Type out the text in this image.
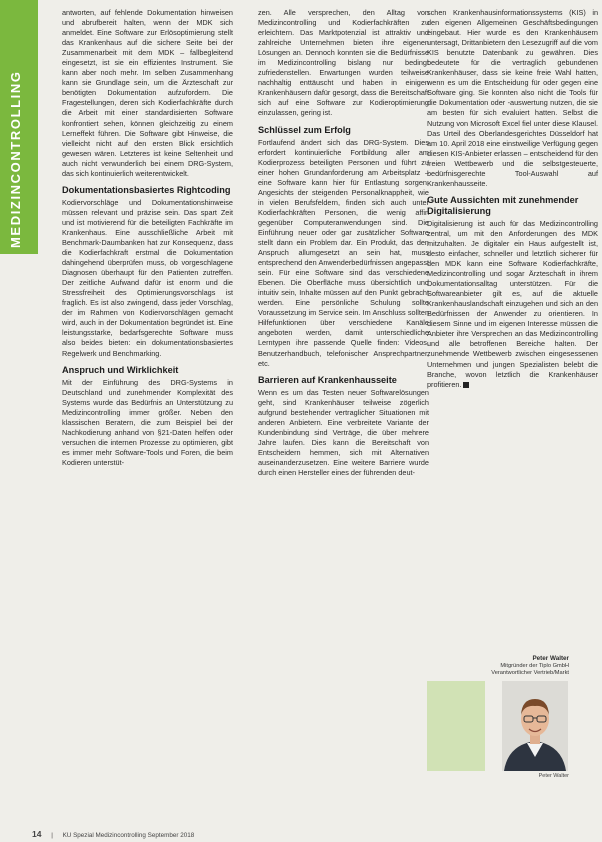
MEDIZINCONTROLLING

antworten, auf fehlende Dokumentation hinweisen und abrufbereit halten, wenn der MDK sich anmeldet. Eine Software zur Erlösoptimierung stellt das Krankenhaus auf die sichere Seite bei der Zusammenarbeit mit dem MDK – fallbegleitend eingesetzt, ist sie ein effizientes Instrument. Sie kann aber noch mehr. Im selben Zusammenhang kann sie Grundlage sein, um die Ärzteschaft zur benötigten Dokumentation aufzufordern. Die Fragestellungen, deren sich Kodierfachkräfte durch die Arbeit mit einer standardisierten Software konfrontiert sehen, können gleichzeitig zu einem Lerneffekt führen. Die Software gibt Hinweise, die vielleicht nicht auf den ersten Blick ersichtlich gewesen wären. Letzteres ist keine Seltenheit und auch nicht verwunderlich bei einem DRG-System, das sich kontinuierlich weiterentwickelt.

Dokumentationsbasiertes Rightcoding

Kodiervorschläge und Dokumentationshinweise müssen relevant und präzise sein. Das spart Zeit und ist motivierend für die beteiligten Fachkräfte im Krankenhaus. Eine ausschließliche Arbeit mit Benchmark-Daumbanken hat zur Konsequenz, dass die Kodierfachkraft erstmal die Dokumentation dahingehend überprüfen muss, ob vorgeschlagene Diagnosen überhaupt für den Patienten zutreffen. Der zeitliche Aufwand dafür ist enorm und die Stressfreiheit des Optimierungsvorschlags ist fraglich. Es ist also zwingend, dass jeder Vorschlag, der im Rahmen von Kodiervorschlägen gemacht wird, auch in der Dokumentation begründet ist. Eine leistungsstarke, bedarfsgerechte Software muss also beides bieten: ein dokumentationsbasiertes Regelwerk und Benchmarking.

Anspruch und Wirklichkeit

Mit der Einführung des DRG-Systems in Deutschland und zunehmender Komplexität des Systems wurde das Bedürfnis an Unterstützung zu Medizincontrolling immer größer. Neben den klassischen Beratern, die zum Beispiel bei der Nachkodierung anhand von §21-Daten helfen oder versuchen die internen Prozesse zu optimieren, gibt es immer mehr Software-Tools und Foren, die beim Kodieren unterstüt-

zen. Alle versprechen, den Alltag von Medizincontrolling und Kodierfachkräften zu erleichtern. Das Marktpotenzial ist attraktiv und zahlreiche Unternehmen bieten ihre eigenen Lösungen an. Dennoch konnten sie die Bedürfnisse im Medizincontrolling bislang nur bedingt zufriedenstellen. Erwartungen wurden teilweise nachhaltig enttäuscht und haben in einigen Krankenhäusern dafür gesorgt, dass die Bereitschaft sich auf eine Software zur Kodieroptimierung einzulassen, gering ist.

Schlüssel zum Erfolg

Fortlaufend ändert sich das DRG-System. Dies erfordert kontinuierliche Fortbildung aller am Kodierprozess beteiligten Personen und führt zu einer hohen Grundanforderung am Arbeitsplatz – eine Software kann hier für Entlastung sorgen. Angesichts der steigenden Personalknappheit, wie in vielen Berufsfeldern, finden sich auch unter Kodierfachkräften Personen, die wenig affin gegenüber Computeranwendungen sind. Die Einführung neuer oder gar zusätzlicher Software stellt dann ein Problem dar. Ein Produkt, das den Anspruch allumgesetzt an sein hat, muss entsprechend den Anwenderbedürfnissen angepasst sein. Für eine Software sind das verschiedene Ebenen. Die Oberfläche muss übersichtlich und intuitiv sein, Inhalte müssen auf den Punkt gebracht werden. Eine persönliche Schulung sollte Voraussetzung im Service sein. Im Anschluss sollten Hilfefunktionen über verschiedene Kanäle angeboten werden, damit unterschiedliche Lerntypen ihre passende Quelle finden: Videos, Benutzerhandbuch, telefonischer Ansprechpartner, etc.

Barrieren auf Krankenhausseite

Wenn es um das Testen neuer Softwarelösungen geht, sind Krankenhäuser teilweise zögerlich aufgrund bestehender vertraglicher Situationen mit anderen Anbietern. Eine verbreitete Variante der Kundenbindung sind Verträge, die über mehrere Jahre laufen. Dies kann die Bereitschaft von Entscheidern hemmen, sich mit Alternativen auseinanderzusetzen. Eine weitere Barriere wurde durch einen Hersteller eines der führenden deut-

schen Krankenhausinformationssystems (KIS) in den eigenen Allgemeinen Geschäftsbedingungen eingebaut. Hier wurde es den Krankenhäusern untersagt, Drittanbietern den Lesezugriff auf die vom KIS benutzte Datenbank zu gewähren. Dies bedeutete für die vertraglich gebundenen Krankenhäuser, dass sie keine freie Wahl hatten, wenn es um die Entscheidung für oder gegen eine Software ging. Sie konnten also nicht die Tools für die Dokumentation oder -auswertung nutzen, die sie am besten für sich evaluiert hatten. Selbst die Nutzung von Microsoft Excel fiel unter diese Klausel. Das Urteil des Oberlandesgerichtes Düsseldorf hat am 10. April 2018 eine einstweilige Verfügung gegen diesen KIS-Anbieter erlassen – entscheidend für den freien Wettbewerb und die selbstgesteuerte, bedürfnisgerechte Tool-Auswahl auf Krankenhausseite.

Gute Aussichten mit zunehmender Digitalisierung

Digitalisierung ist auch für das Medizincontrolling zentral, um mit den Anforderungen des MDK mitzuhalten. Je digitaler ein Haus aufgestellt ist, desto einfacher, schneller und letztlich sicherer für den MDK kann eine Software Kodierfachkräfte, Medizincontrolling und sogar Ärzteschaft in ihrem Dokumentationsalltag unterstützen. Für die Softwareanbieter gilt es, auf die aktuelle Krankenhauslandschaft einzugehen und sich an den Bedürfnissen der Anwender zu orientieren. In diesem Sinne und im eigenen Interesse müssen die Anbieter ihre Versprechen an das Medizincontrolling und alle betroffenen Bereiche halten. Der zunehmende Wettbewerb zwischen eingesessenen Unternehmen und jungen Spezialisten belebt die Branche, wovon letztlich die Krankenhäuser profitieren.

Peter Walter
Mitgründer der Tiplo GmbH
Verantwortlicher Vertrieb/Markt
Peter Walter
14 | KU Spezial Medizincontrolling September 2018
